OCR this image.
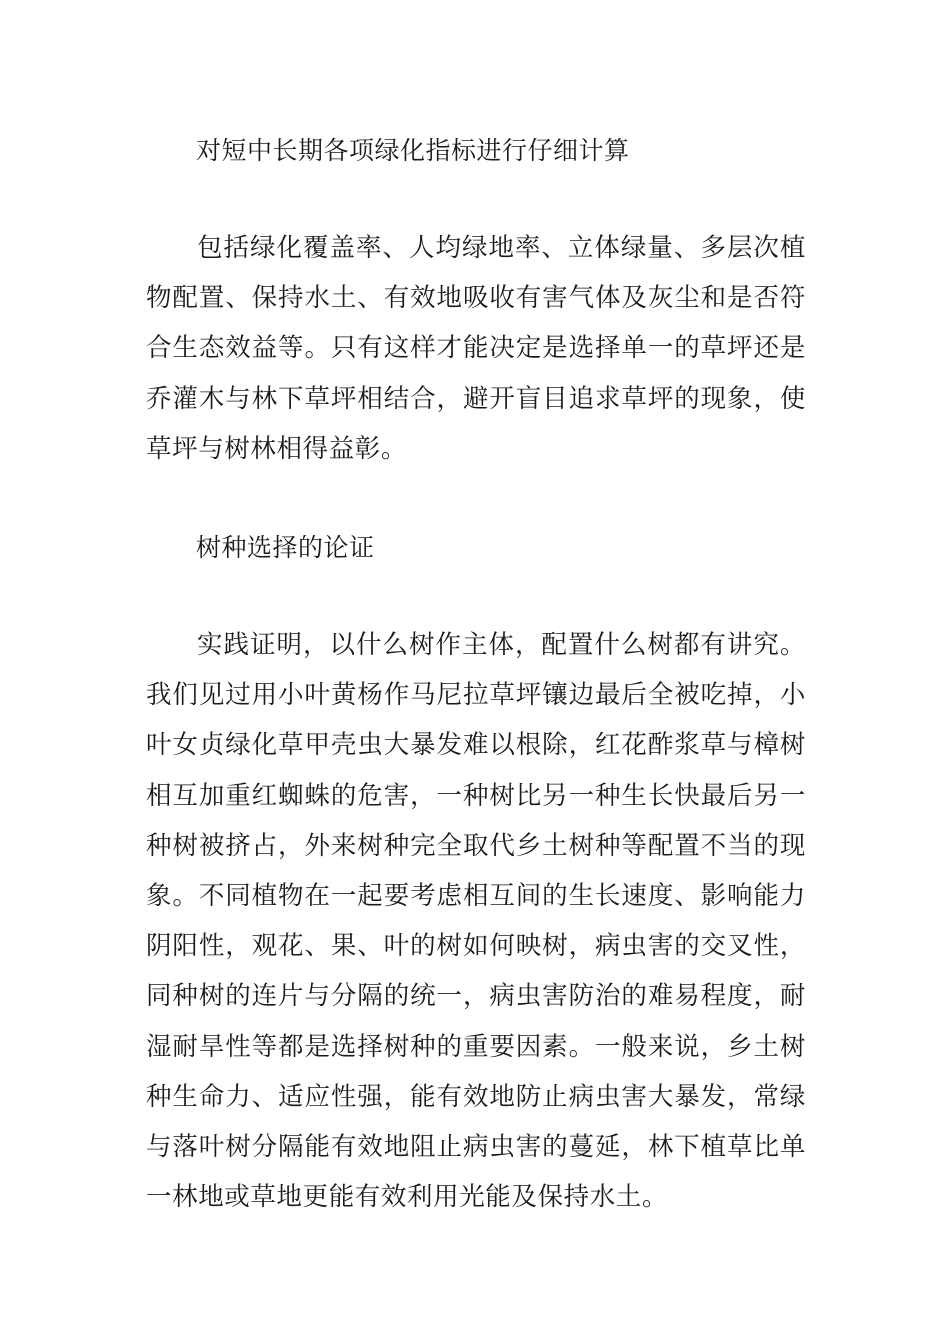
对短中长期各项绿化指标进行仔细计算
包括绿化覆盖率、人均绿地率、立体绿量、多层次植物配置、保持水土、有效地吸收有害气体及灰尘和是否符合生态效益等。只有这样才能决定是选择单一的草坪还是乔灌木与林下草坪相结合，避开盲目追求草坪的现象，使草坪与树林相得益彰。
树种选择的论证
实践证明，以什么树作主体，配置什么树都有讲究。我们见过用小叶黄杨作马尼拉草坪镶边最后全被吃掉，小叶女贞绿化草甲壳虫大暴发难以根除，红花酢浆草与樟树相互加重红蜘蛛的危害，一种树比另一种生长快最后另一种树被挤占，外来树种完全取代乡土树种等配置不当的现象。不同植物在一起要考虑相互间的生长速度、影响能力阴阳性，观花、果、叶的树如何映树，病虫害的交叉性，同种树的连片与分隔的统一，病虫害防治的难易程度，耐湿耐旱性等都是选择树种的重要因素。一般来说，乡土树种生命力、适应性强，能有效地防止病虫害大暴发，常绿与落叶树分隔能有效地阻止病虫害的蔓延，林下植草比单一林地或草地更能有效利用光能及保持水土。
